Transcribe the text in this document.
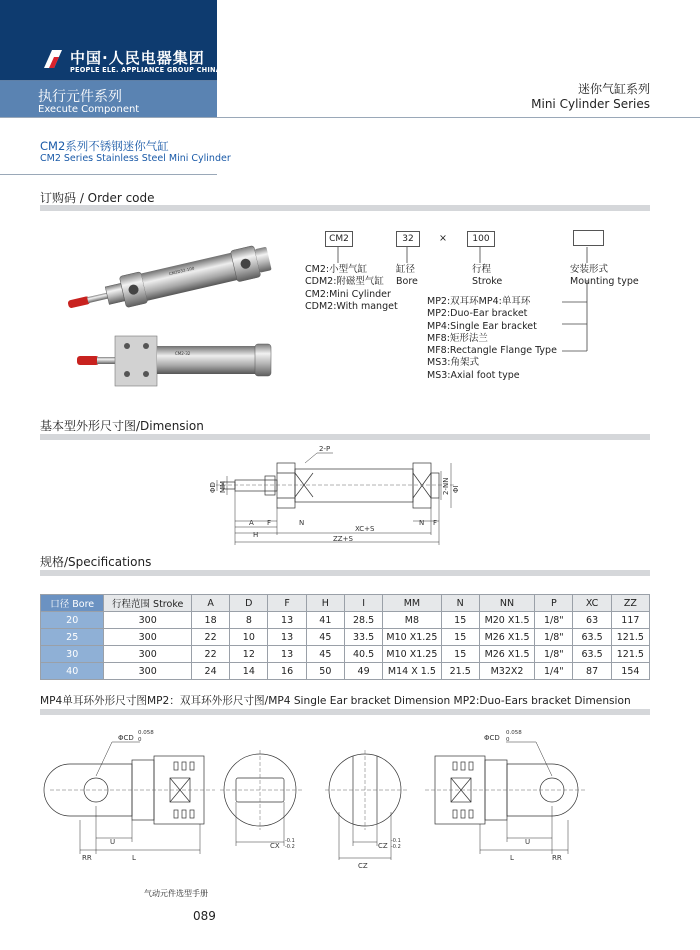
中国·人民电器集团
PEOPLE ELE. APPLIANCE GROUP CHINA
执行元件系列
Execute Component
迷你气缸系列
Mini Cylinder Series
CM2系列不锈钢迷你气缸
CM2 Series Stainless Steel Mini Cylinder
订购码 / Order code
CM2D32-100
CM2-32
CM2	32	×	100
CM2:小型气缸
CDM2:附磁型气缸
CM2:Mini Cylinder
CDM2:With manget
缸径
Bore
行程
Stroke
安装形式
Mounting type
MP2:双耳环MP4:单耳环
MP2:Duo-Ear bracket
MP4:Single Ear bracket
MF8:矩形法兰
MF8:Rectangle Flange Type
MS3:角架式
MS3:Axial foot type
基本型外形尺寸图/Dimension
2-P
A F	N
H
N F
XC+S
ZZ+S
ΦD MM	2-NN ΦI
规格/Specifications
口径 Bore	行程范围 Stroke	A	D	F	H	I	MM	N	NN	P	XC	ZZ
20	300	18	8	13	41	28.5	M8	15	M20 X1.5	1/8"	63	117
25	300	22	10	13	45	33.5	M10 X1.25	15	M26 X1.5	1/8"	63.5	121.5
30	300	22	12	13	45	40.5	M10 X1.25	15	M26 X1.5	1/8"	63.5	121.5
40	300	24	14	16	50	49	M14 X 1.5	21.5	M32X2	1/4"	87	154
MP4单耳环外形尺寸图MP2：双耳环外形尺寸图/MP4 Single Ear bracket Dimension MP2:Duo-Ears bracket Dimension
ΦCD
0.058
0	ΦCD
0.058
0
U
RR	L
CX
-0.1
-0.2	CZ
-0.1
-0.2
CZ
U
RR
L
气动元件选型手册
089
